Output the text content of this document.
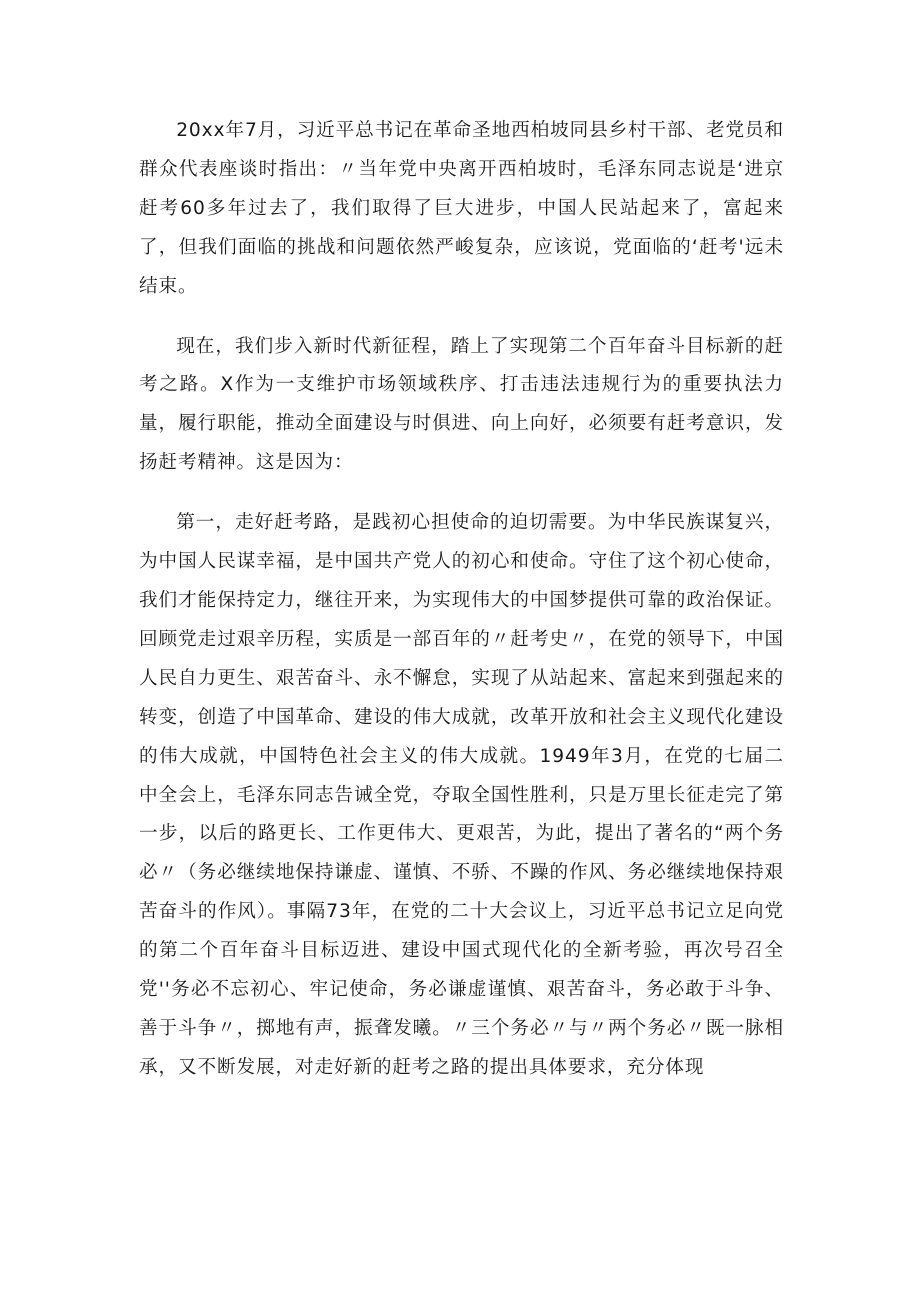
20xx年7月，习近平总书记在革命圣地西柏坡同县乡村干部、老党员和群众代表座谈时指出：〃当年党中央离开西柏坡时，毛泽东同志说是‘进京赶考60多年过去了，我们取得了巨大进步，中国人民站起来了，富起来了，但我们面临的挑战和问题依然严峻复杂，应该说，党面临的‘赶考'远未结束。

现在，我们步入新时代新征程，踏上了实现第二个百年奋斗目标新的赶考之路。X作为一支维护市场领域秩序、打击违法违规行为的重要执法力量，履行职能，推动全面建设与时俱进、向上向好，必须要有赶考意识，发扬赶考精神。这是因为：

第一，走好赶考路，是践初心担使命的迫切需要。为中华民族谋复兴，为中国人民谋幸福，是中国共产党人的初心和使命。守住了这个初心使命，我们才能保持定力，继往开来，为实现伟大的中国梦提供可靠的政治保证。回顾党走过艰辛历程，实质是一部百年的〃赶考史〃，在党的领导下，中国人民自力更生、艰苦奋斗、永不懈怠，实现了从站起来、富起来到强起来的转变，创造了中国革命、建设的伟大成就，改革开放和社会主义现代化建设的伟大成就，中国特色社会主义的伟大成就。1949年3月，在党的七届二中全会上，毛泽东同志告诫全党，夺取全国性胜利，只是万里长征走完了第一步，以后的路更长、工作更伟大、更艰苦，为此，提出了著名的“两个务必〃（务必继续地保持谦虚、谨慎、不骄、不躁的作风、务必继续地保持艰苦奋斗的作风）。事隔73年，在党的二十大会议上，习近平总书记立足向党的第二个百年奋斗目标迈进、建设中国式现代化的全新考验，再次号召全党''务必不忘初心、牢记使命，务必谦虚谨慎、艰苦奋斗，务必敢于斗争、善于斗争〃，掷地有声，振聋发曦。〃三个务必〃与〃两个务必〃既一脉相承，又不断发展，对走好新的赶考之路的提出具体要求，充分体现
